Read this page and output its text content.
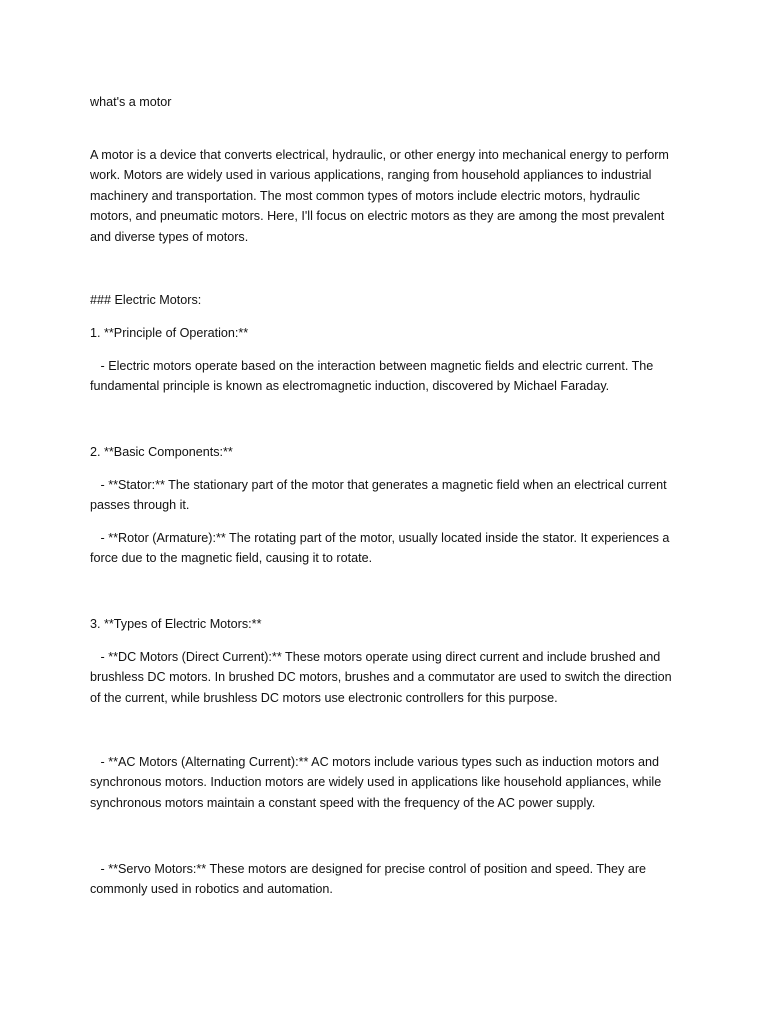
what's a motor

A motor is a device that converts electrical, hydraulic, or other energy into mechanical energy to perform work. Motors are widely used in various applications, ranging from household appliances to industrial machinery and transportation. The most common types of motors include electric motors, hydraulic motors, and pneumatic motors. Here, I'll focus on electric motors as they are among the most prevalent and diverse types of motors.

### Electric Motors:

1. **Principle of Operation:**

- Electric motors operate based on the interaction between magnetic fields and electric current. The fundamental principle is known as electromagnetic induction, discovered by Michael Faraday.

2. **Basic Components:**

- **Stator:** The stationary part of the motor that generates a magnetic field when an electrical current passes through it.

- **Rotor (Armature):** The rotating part of the motor, usually located inside the stator. It experiences a force due to the magnetic field, causing it to rotate.

3. **Types of Electric Motors:**

- **DC Motors (Direct Current):** These motors operate using direct current and include brushed and brushless DC motors. In brushed DC motors, brushes and a commutator are used to switch the direction of the current, while brushless DC motors use electronic controllers for this purpose.

- **AC Motors (Alternating Current):** AC motors include various types such as induction motors and synchronous motors. Induction motors are widely used in applications like household appliances, while synchronous motors maintain a constant speed with the frequency of the AC power supply.

- **Servo Motors:** These motors are designed for precise control of position and speed. They are commonly used in robotics and automation.
